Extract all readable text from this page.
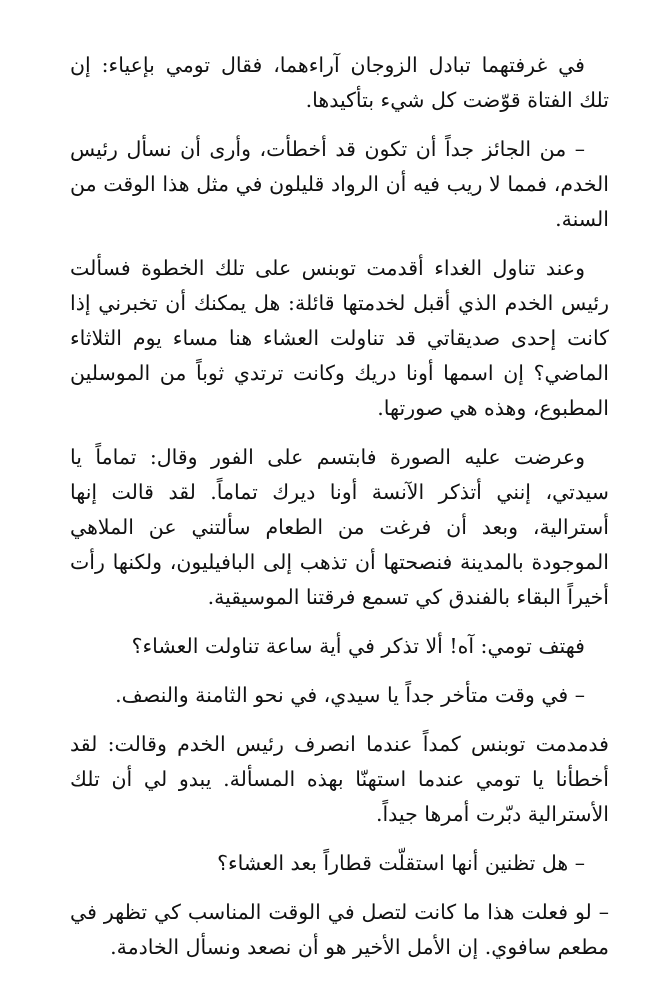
في غرفتهما تبادل الزوجان آراءهما، فقال تومي بإعياء: إن تلك الفتاة قوّضت كل شيء بتأكيدها.

– من الجائز جداً أن تكون قد أخطأت، وأرى أن نسأل رئيس الخدم، فمما لا ريب فيه أن الرواد قليلون في مثل هذا الوقت من السنة.

وعند تناول الغداء أقدمت توبنس على تلك الخطوة فسألت رئيس الخدم الذي أقبل لخدمتها قائلة: هل يمكنك أن تخبرني إذا كانت إحدى صديقاتي قد تناولت العشاء هنا مساء يوم الثلاثاء الماضي؟ إن اسمها أونا دريك وكانت ترتدي ثوباً من الموسلين المطبوع، وهذه هي صورتها.

وعرضت عليه الصورة فابتسم على الفور وقال: تماماً يا سيدتي، إنني أتذكر الآنسة أونا ديرك تماماً. لقد قالت إنها أسترالية، وبعد أن فرغت من الطعام سألتني عن الملاهي الموجودة بالمدينة فنصحتها أن تذهب إلى البافيليون، ولكنها رأت أخيراً البقاء بالفندق كي تسمع فرقتنا الموسيقية.

فهتف تومي: آه! ألا تذكر في أية ساعة تناولت العشاء؟

– في وقت متأخر جداً يا سيدي، في نحو الثامنة والنصف.

فدمدمت توبنس كمداً عندما انصرف رئيس الخدم وقالت: لقد أخطأنا يا تومي عندما استهنّا بهذه المسألة. يبدو لي أن تلك الأسترالية دبّرت أمرها جيداً.

– هل تظنين أنها استقلّت قطاراً بعد العشاء؟

– لو فعلت هذا ما كانت لتصل في الوقت المناسب كي تظهر في مطعم سافوي. إن الأمل الأخير هو أن نصعد ونسأل الخادمة.
